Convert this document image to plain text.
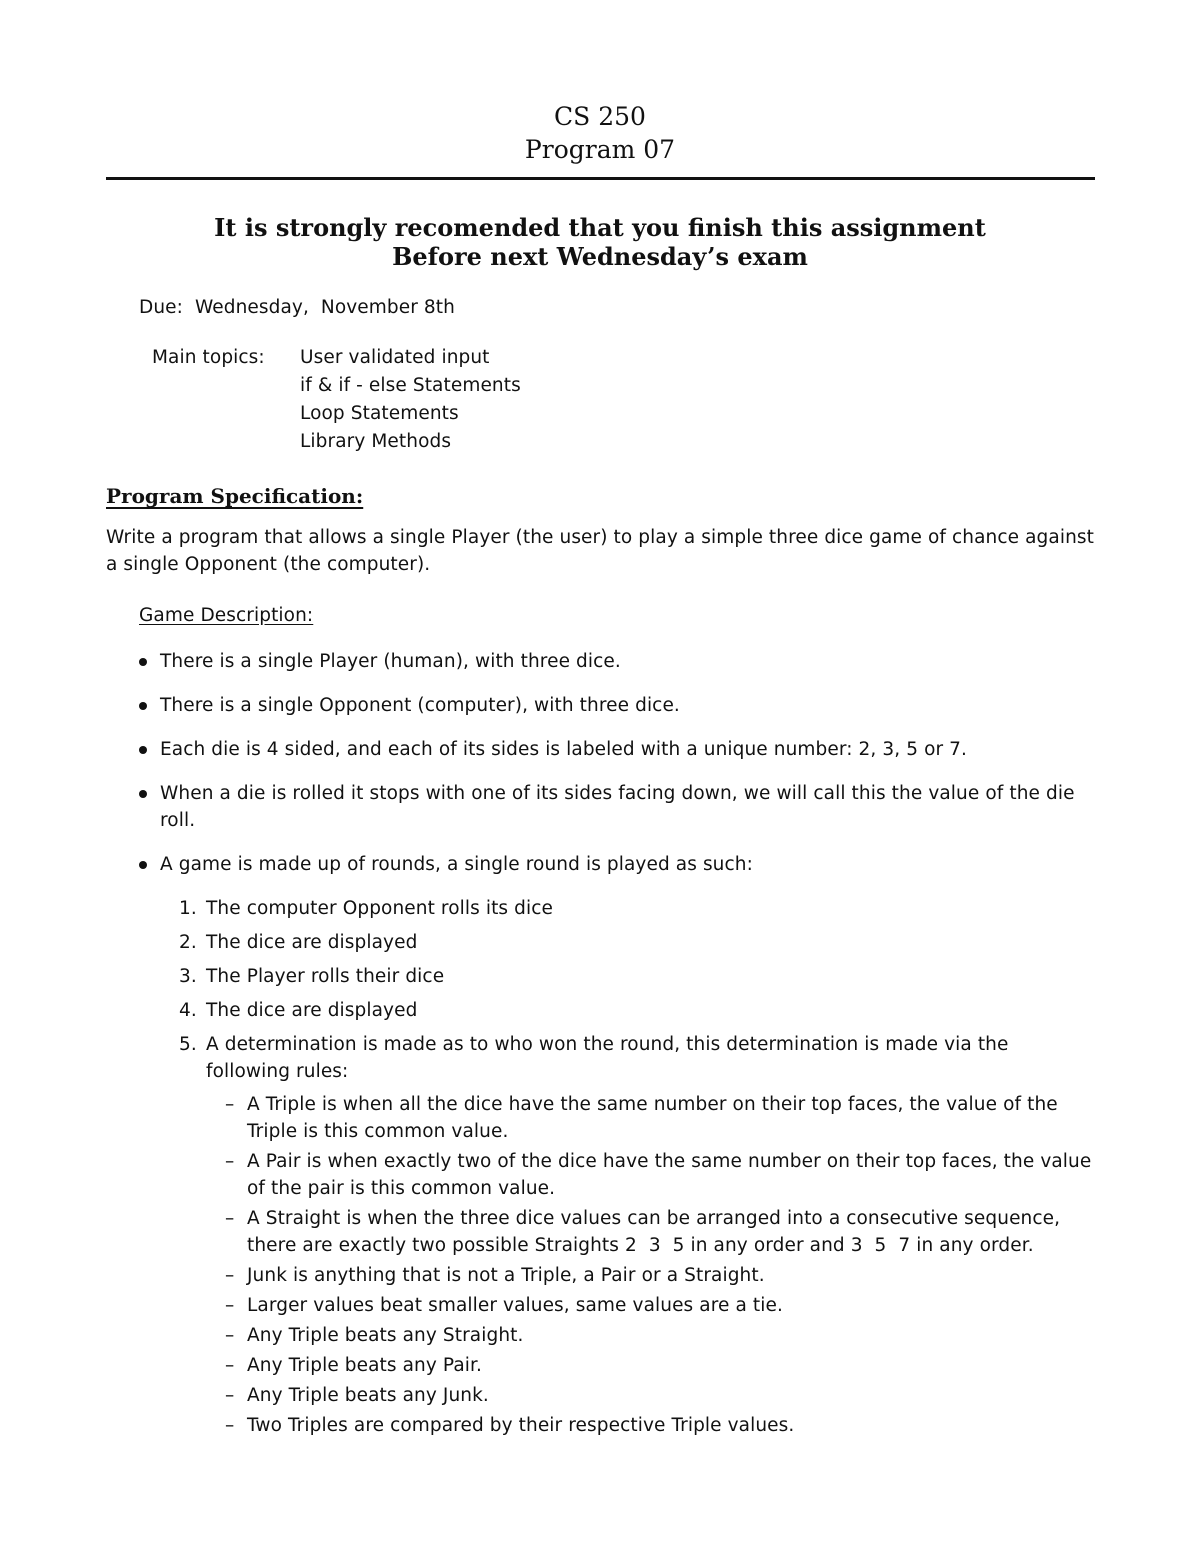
CS 250
Program 07
It is strongly recomended that you finish this assignment
Before next Wednesday’s exam
Due:  Wednesday,  November 8th
Main topics: User validated input
if & if - else Statements
Loop Statements
Library Methods
Program Specification:
Write a program that allows a single Player (the user) to play a simple three dice game of chance against a single Opponent (the computer).
Game Description:
There is a single Player (human), with three dice.
There is a single Opponent (computer), with three dice.
Each die is 4 sided, and each of its sides is labeled with a unique number: 2, 3, 5 or 7.
When a die is rolled it stops with one of its sides facing down, we will call this the value of the die roll.
A game is made up of rounds, a single round is played as such:
1. The computer Opponent rolls its dice
2. The dice are displayed
3. The Player rolls their dice
4. The dice are displayed
5. A determination is made as to who won the round, this determination is made via the following rules:
– A Triple is when all the dice have the same number on their top faces, the value of the Triple is this common value.
– A Pair is when exactly two of the dice have the same number on their top faces, the value of the pair is this common value.
– A Straight is when the three dice values can be arranged into a consecutive sequence, there are exactly two possible Straights 2  3  5 in any order and 3  5  7 in any order.
– Junk is anything that is not a Triple, a Pair or a Straight.
– Larger values beat smaller values, same values are a tie.
– Any Triple beats any Straight.
– Any Triple beats any Pair.
– Any Triple beats any Junk.
– Two Triples are compared by their respective Triple values.
